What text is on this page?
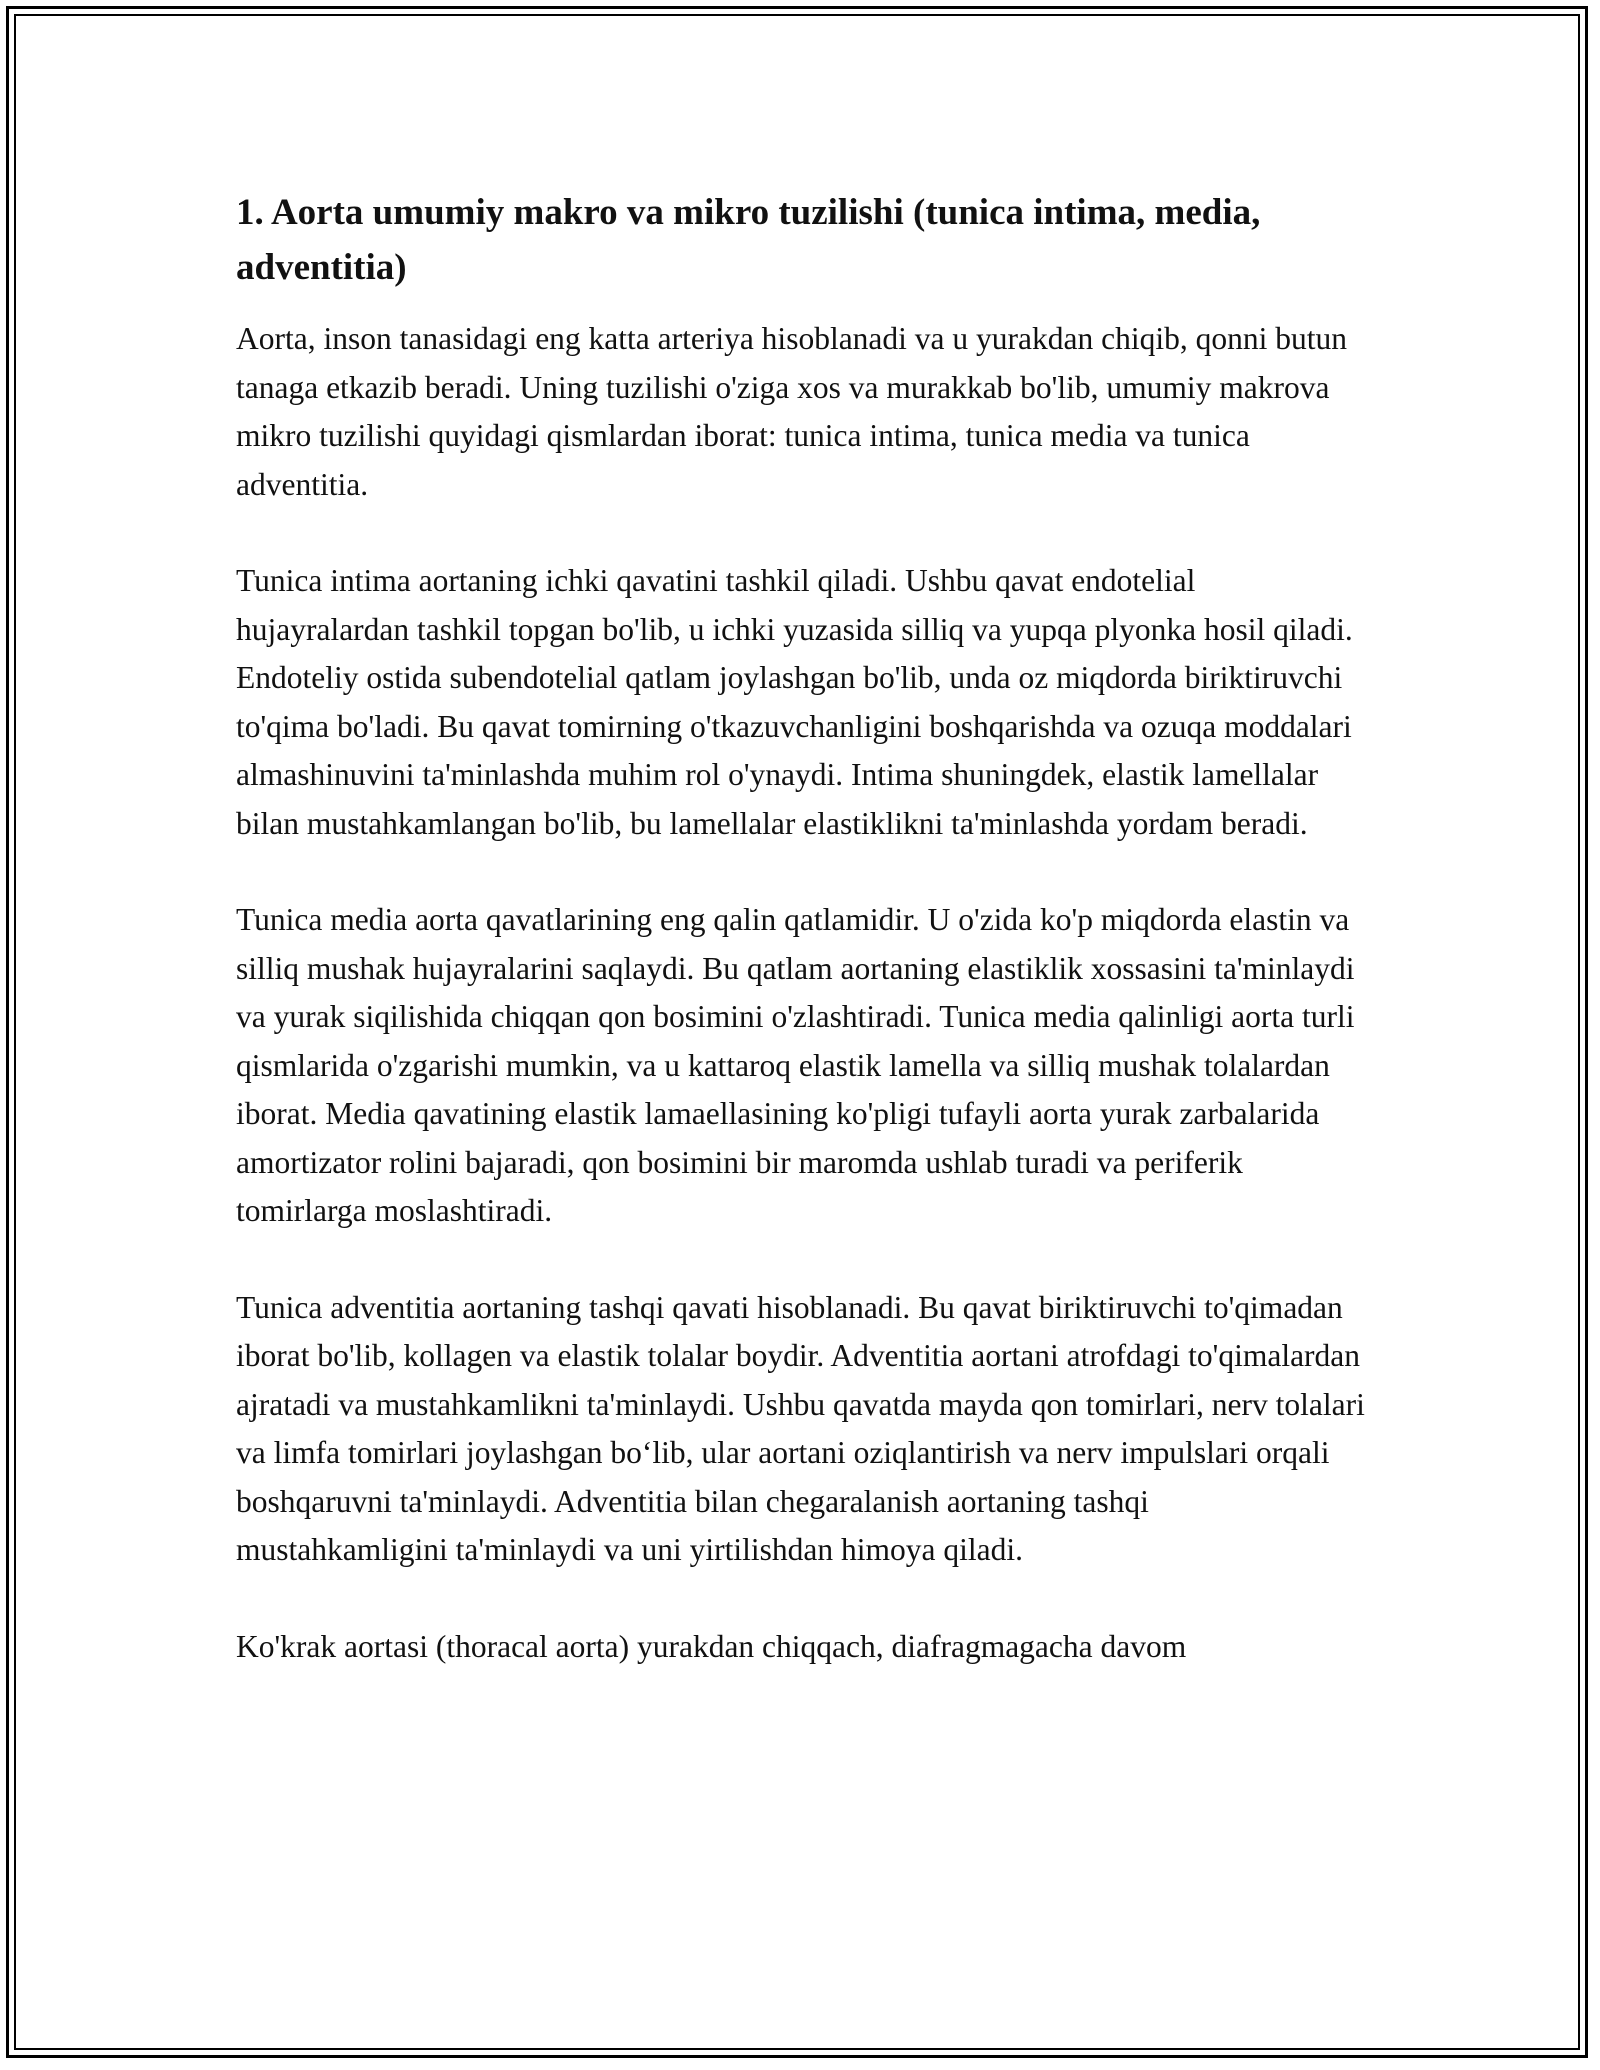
1. Aorta umumiy makro va mikro tuzilishi (tunica intima, media, adventitia)

Aorta, inson tanasidagi eng katta arteriya hisoblanadi va u yurakdan chiqib, qonni butun tanaga etkazib beradi. Uning tuzilishi o'ziga xos va murakkab bo'lib, umumiy makrova mikro tuzilishi quyidagi qismlardan iborat: tunica intima, tunica media va tunica adventitia.

Tunica intima aortaning ichki qavatini tashkil qiladi. Ushbu qavat endotelial hujayralardan tashkil topgan bo'lib, u ichki yuzasida silliq va yupqa plyonka hosil qiladi. Endoteliy ostida subendotelial qatlam joylashgan bo'lib, unda oz miqdorda biriktiruvchi to'qima bo'ladi. Bu qavat tomirning o'tkazuvchanligini boshqarishda va ozuqa moddalari almashinuvini ta'minlashda muhim rol o'ynaydi. Intima shuningdek, elastik lamellalar bilan mustahkamlangan bo'lib, bu lamellalar elastiklikni ta'minlashda yordam beradi.

Tunica media aorta qavatlarining eng qalin qatlamidir. U o'zida ko'p miqdorda elastin va silliq mushak hujayralarini saqlaydi. Bu qatlam aortaning elastiklik xossasini ta'minlaydi va yurak siqilishida chiqqan qon bosimini o'zlashtiradi. Tunica media qalinligi aorta turli qismlarida o'zgarishi mumkin, va u kattaroq elastik lamella va silliq mushak tolalardan iborat. Media qavatining elastik lamaellasining ko'pligi tufayli aorta yurak zarbalarida amortizator rolini bajaradi, qon bosimini bir maromda ushlab turadi va periferik tomirlarga moslashtiradi.

Tunica adventitia aortaning tashqi qavati hisoblanadi. Bu qavat biriktiruvchi to'qimadan iborat bo'lib, kollagen va elastik tolalar boydir. Adventitia aortani atrofdagi to'qimalardan ajratadi va mustahkamlikni ta'minlaydi. Ushbu qavatda mayda qon tomirlari, nerv tolalari va limfa tomirlari joylashgan bo‘lib, ular aortani oziqlantirish va nerv impulslari orqali boshqaruvni ta'minlaydi. Adventitia bilan chegaralanish aortaning tashqi mustahkamligini ta'minlaydi va uni yirtilishdan himoya qiladi.

Ko'krak aortasi (thoracal aorta) yurakdan chiqqach, diafragmagacha davom
